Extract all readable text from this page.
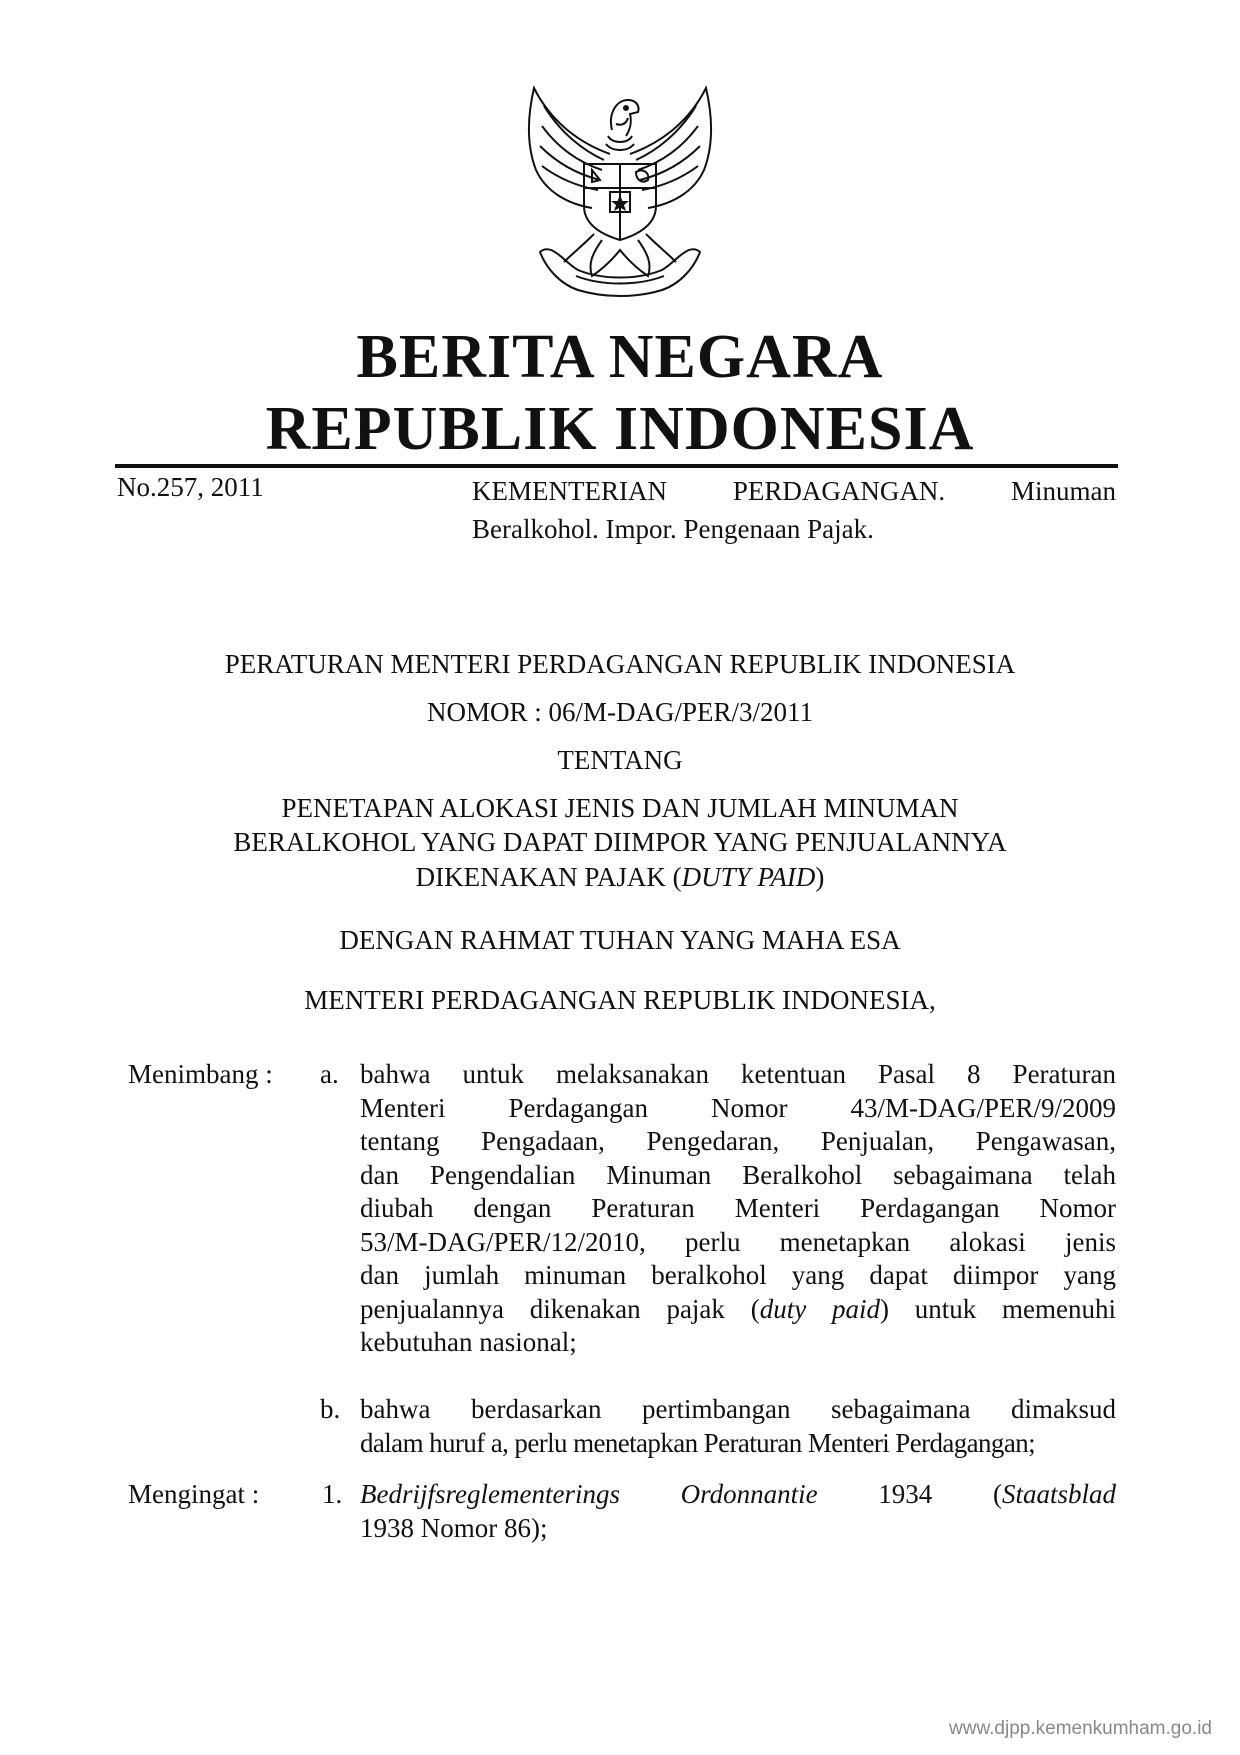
BERITA NEGARA
REPUBLIK INDONESIA
No.257, 2011	KEMENTERIAN PERDAGANGAN. Minuman
Beralkohol. Impor. Pengenaan Pajak.
PERATURAN MENTERI PERDAGANGAN REPUBLIK INDONESIA
NOMOR : 06/M-DAG/PER/3/2011
TENTANG
PENETAPAN ALOKASI JENIS DAN JUMLAH MINUMAN
BERALKOHOL YANG DAPAT DIIMPOR YANG PENJUALANNYA
DIKENAKAN PAJAK (DUTY PAID)
DENGAN RAHMAT TUHAN YANG MAHA ESA
MENTERI PERDAGANGAN REPUBLIK INDONESIA,
Menimbang : a. bahwa untuk melaksanakan ketentuan Pasal 8 Peraturan
Menteri Perdagangan Nomor 43/M-DAG/PER/9/2009
tentang Pengadaan, Pengedaran, Penjualan, Pengawasan,
dan Pengendalian Minuman Beralkohol sebagaimana telah
diubah dengan Peraturan Menteri Perdagangan Nomor
53/M-DAG/PER/12/2010, perlu menetapkan alokasi jenis
dan jumlah minuman beralkohol yang dapat diimpor yang
penjualannya dikenakan pajak (duty paid) untuk memenuhi
kebutuhan nasional;
b. bahwa berdasarkan pertimbangan sebagaimana dimaksud
dalam huruf a, perlu menetapkan Peraturan Menteri Perdagangan;
Mengingat : 1. Bedrijfsreglementerings Ordonnantie 1934 (Staatsblad
1938 Nomor 86);
www.djpp.kemenkumham.go.id
